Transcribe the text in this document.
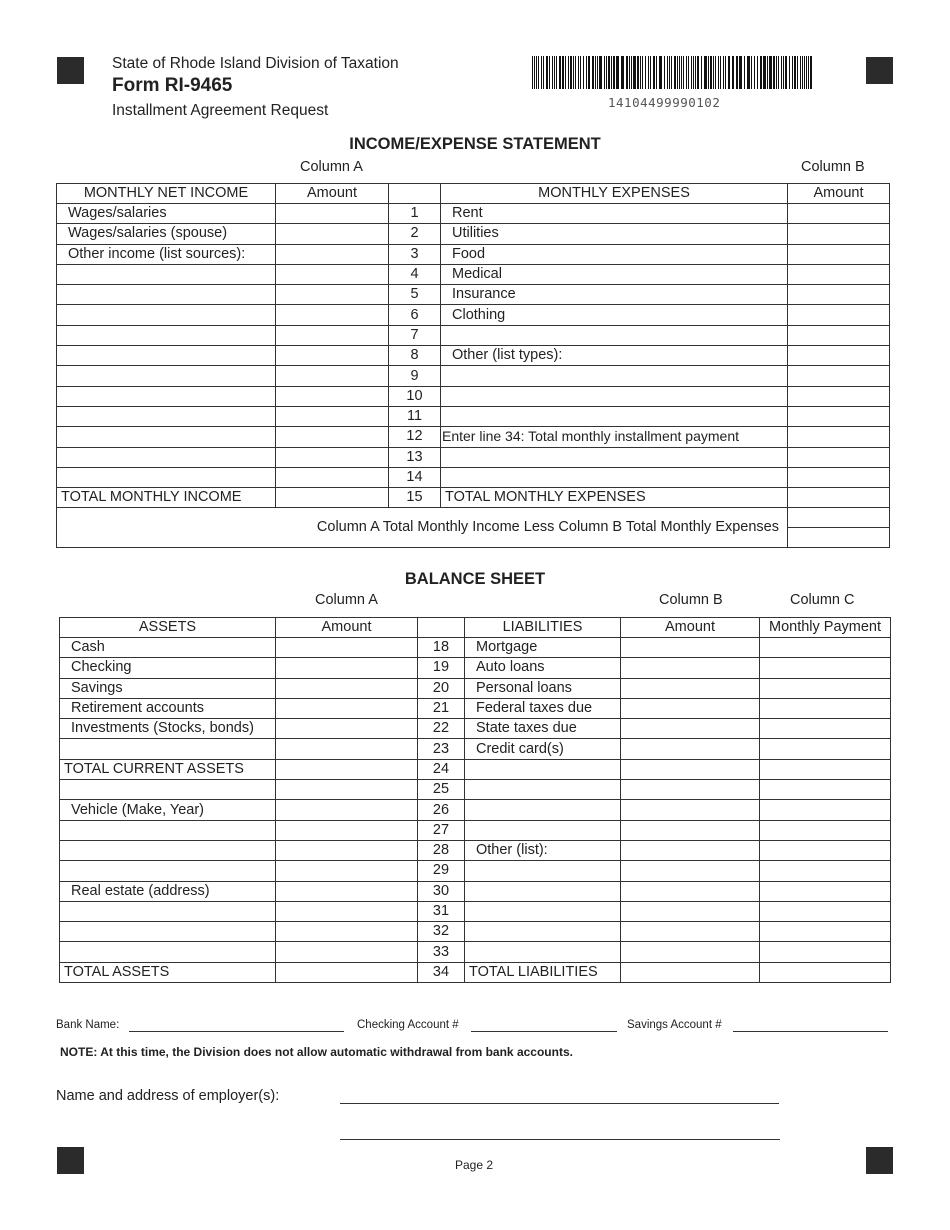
State of Rhode Island Division of Taxation
Form RI-9465
Installment Agreement Request	14104499990102
INCOME/EXPENSE STATEMENT
Column A	Column B
MONTHLY NET INCOME	Amount		MONTHLY EXPENSES	Amount
Wages/salaries		1	Rent	
Wages/salaries (spouse)		2	Utilities	
Other income (list sources):		3	Food	
		4	Medical	
		5	Insurance	
		6	Clothing	
		7		
		8	Other (list types):	
		9		
		10		
		11		
		12	Enter line 34: Total monthly installment payment	
		13		
		14		
TOTAL MONTHLY INCOME		15	TOTAL MONTHLY EXPENSES	
Column A Total Monthly Income Less Column B Total Monthly Expenses				

BALANCE SHEET
Column A	Column B	Column C
ASSETS	Amount		LIABILITIES	Amount	Monthly Payment
Cash		18	Mortgage		
Checking		19	Auto loans		
Savings		20	Personal loans		
Retirement accounts		21	Federal taxes due		
Investments (Stocks, bonds)		22	State taxes due		
		23	Credit card(s)		
TOTAL CURRENT ASSETS		24			
		25			
Vehicle (Make, Year)		26			
		27			
		28	Other (list):		
		29			
Real estate (address)		30			
		31			
		32			
		33			
TOTAL ASSETS		34	TOTAL LIABILITIES		
Bank Name:	Checking Account #	Savings Account #
NOTE: At this time, the Division does not allow automatic withdrawal from bank accounts.
Name and address of employer(s):
Page 2
